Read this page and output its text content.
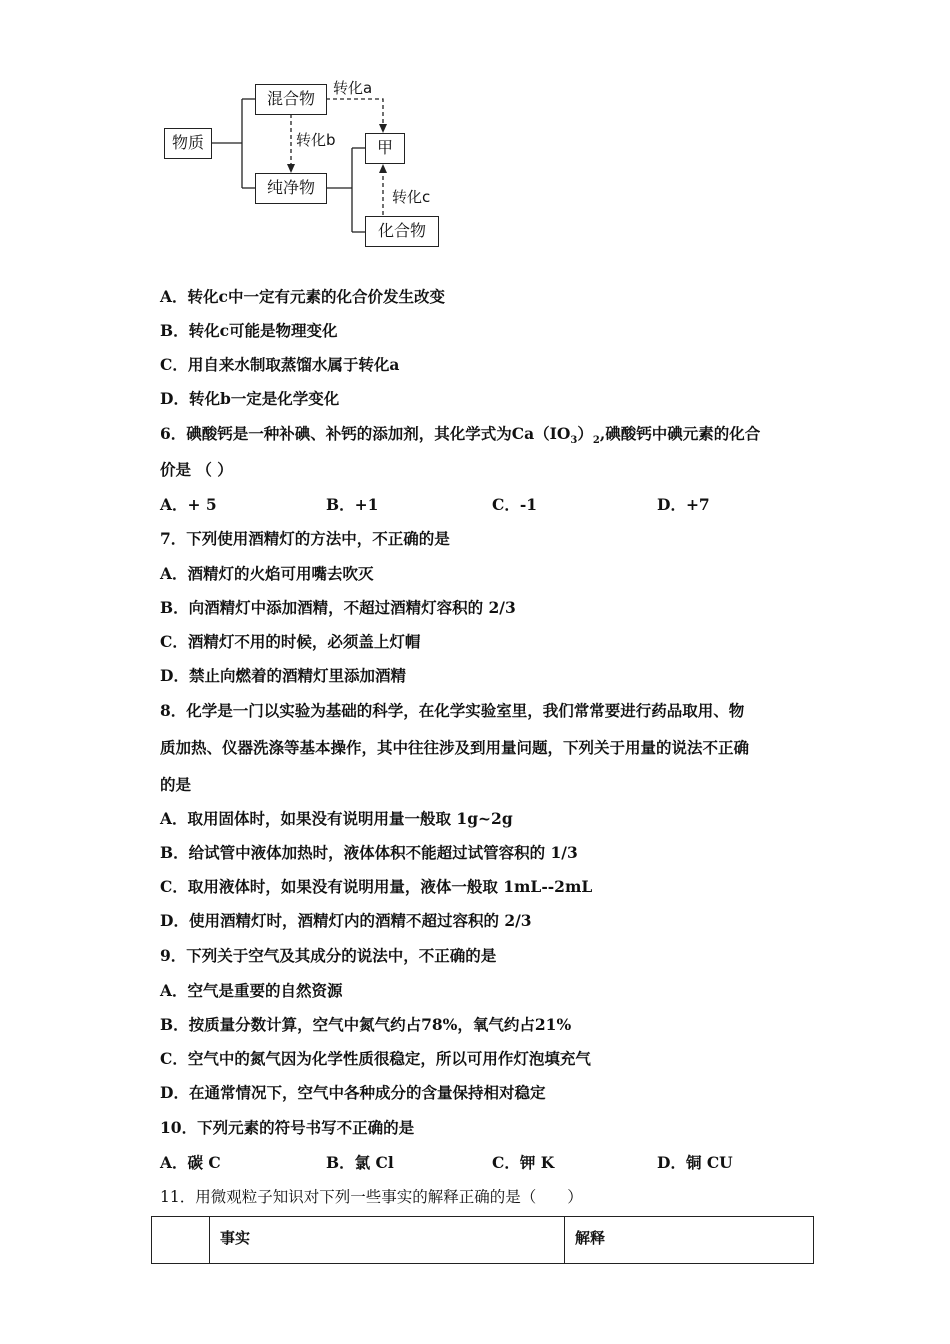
物质
混合物
纯净物
甲
化合物
转化a
转化b
转化c
A．转化c中一定有元素的化合价发生改变
B．转化c可能是物理变化
C．用自来水制取蒸馏水属于转化a
D．转化b一定是化学变化
6．碘酸钙是一种补碘、补钙的添加剂，其化学式为$Ca(IO_3)_2$,碘酸钙中碘元素的化合
价是 （ ）
A．+ 5	B．+1	C．-1	D．+7
7．下列使用酒精灯的方法中，不正确的是
A．酒精灯的火焰可用嘴去吹灭
B．向酒精灯中添加酒精，不超过酒精灯容积的 2/3
C．酒精灯不用的时候，必须盖上灯帽
D．禁止向燃着的酒精灯里添加酒精
8．化学是一门以实验为基础的科学，在化学实验室里，我们常常要进行药品取用、物
质加热、仪器洗涤等基本操作，其中往往涉及到用量问题，下列关于用量的说法不正确
的是
A．取用固体时，如果没有说明用量一般取 1g~2g
B．给试管中液体加热时，液体体积不能超过试管容积的 1/3
C．取用液体时，如果没有说明用量，液体一般取 1mL--2mL
D．使用酒精灯时，酒精灯内的酒精不超过容积的 2/3
9．下列关于空气及其成分的说法中，不正确的是
A．空气是重要的自然资源
B．按质量分数计算，空气中氮气约占78%，氧气约占21%
C．空气中的氮气因为化学性质很稳定，所以可用作灯泡填充气
D．在通常情况下，空气中各种成分的含量保持相对稳定
10．下列元素的符号书写不正确的是
A．碳 C	B．氯 Cl	C．钾 K	D．铜 CU
11．用微观粒子知识对下列一些事实的解释正确的是（　　）
	事实	解释
